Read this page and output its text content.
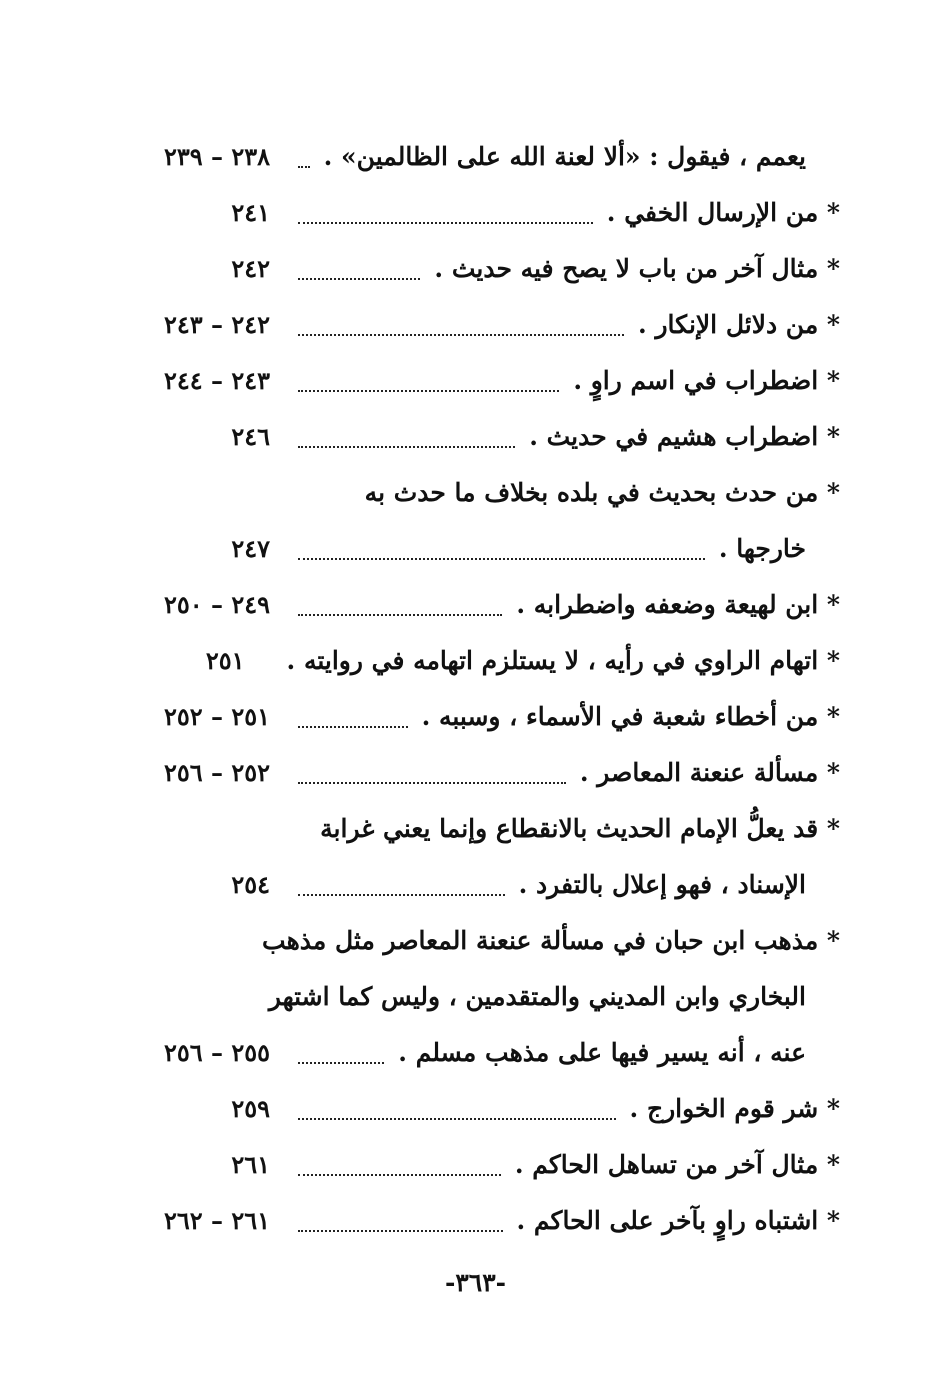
يعمم ، فيقول : «ألا لعنة الله على الظالمين» .
٢٣٨ – ٢٣٩
* من الإرسال الخفي .
٢٤١
* مثال آخر من باب لا يصح فيه حديث .
٢٤٢
* من دلائل الإنكار .
٢٤٢ – ٢٤٣
* اضطراب في اسم راوٍ .
٢٤٣ – ٢٤٤
* اضطراب هشيم في حديث .
٢٤٦
* من حدث بحديث في بلده بخلاف ما حدث به
خارجها .
٢٤٧
* ابن لهيعة وضعفه واضطرابه .
٢٤٩ – ٢٥٠
* اتهام الراوي في رأيه ، لا يستلزم اتهامه في روايته .
٢٥١
* من أخطاء شعبة في الأسماء ، وسببه .
٢٥١ – ٢٥٢
* مسألة عنعنة المعاصر .
٢٥٢ – ٢٥٦
* قد يعلُّ الإمام الحديث بالانقطاع وإنما يعني غرابة
الإسناد ، فهو إعلال بالتفرد .
٢٥٤
* مذهب ابن حبان في مسألة عنعنة المعاصر مثل مذهب
البخاري وابن المديني والمتقدمين ، وليس كما اشتهر
عنه ، أنه يسير فيها على مذهب مسلم .
٢٥٥ – ٢٥٦
* شر قوم الخوارج .
٢٥٩
* مثال آخر من تساهل الحاكم .
٢٦١
* اشتباه راوٍ بآخر على الحاكم .
٢٦١ – ٢٦٢
-٣٦٣-
